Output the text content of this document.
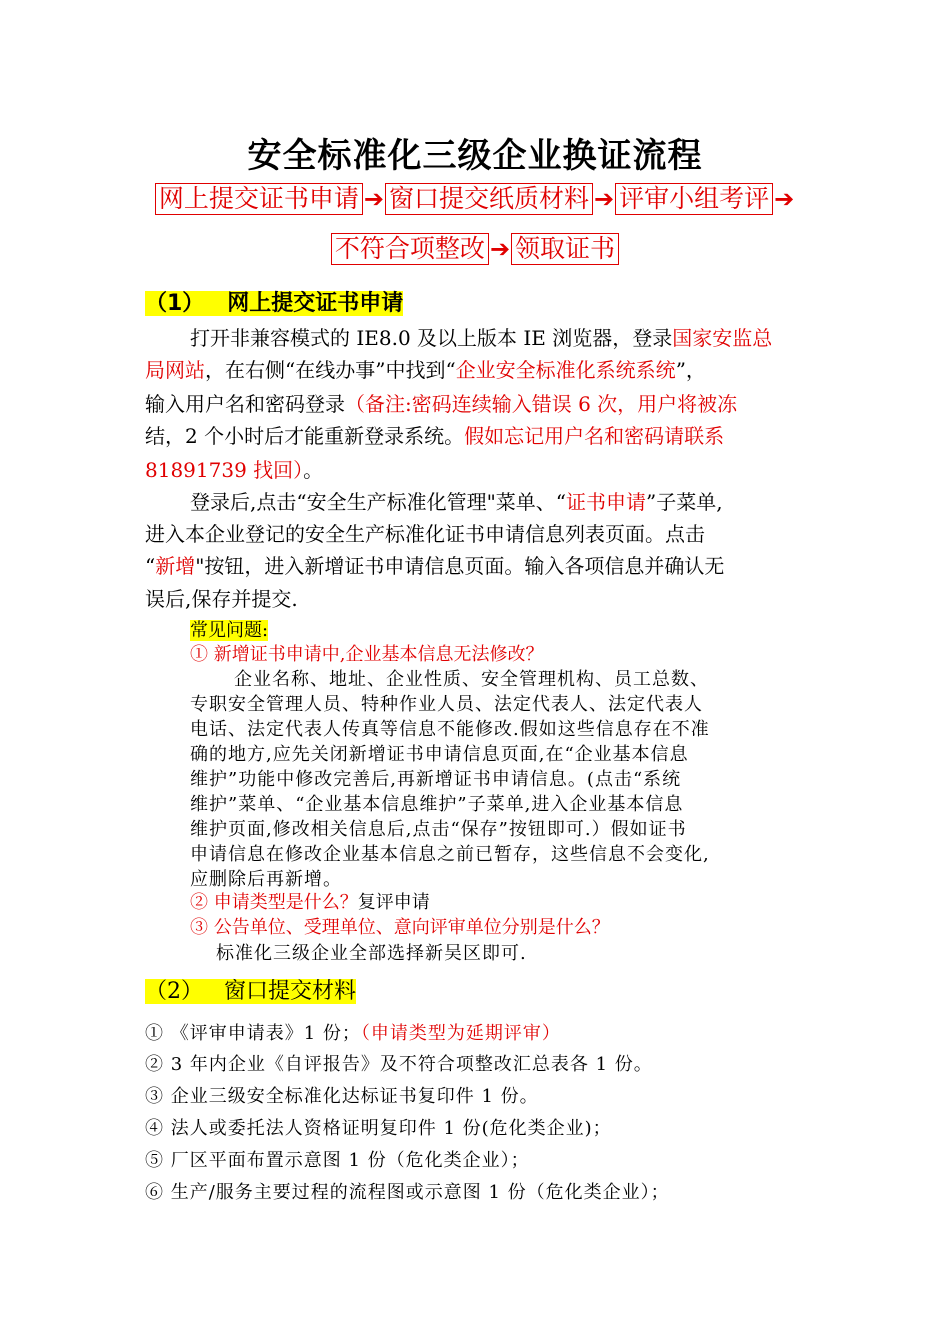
安全标准化三级企业换证流程
网上提交证书申请 ➔ 窗口提交纸质材料 ➔ 评审小组考评 ➔
不符合项整改 ➔ 领取证书
（1） 网上提交证书申请
打开非兼容模式的 IE8.0 及以上版本 IE 浏览器，登录国家安监总
局网站，在右侧“在线办事”中找到“企业安全标准化系统系统”，
输入用户名和密码登录（备注:密码连续输入错误 6 次，用户将被冻
结，2 个小时后才能重新登录系统。假如忘记用户名和密码请联系
81891739 找回）。
登录后,点击“安全生产标准化管理"菜单、“证书申请”子菜单,
进入本企业登记的安全生产标准化证书申请信息列表页面。点击
“新增"按钮，进入新增证书申请信息页面。输入各项信息并确认无
误后,保存并提交.
常见问题:
① 新增证书申请中,企业基本信息无法修改？
企业名称、地址、企业性质、安全管理机构、员工总数、
专职安全管理人员、特种作业人员、法定代表人、法定代表人
电话、法定代表人传真等信息不能修改.假如这些信息存在不准
确的地方,应先关闭新增证书申请信息页面,在“企业基本信息
维护”功能中修改完善后,再新增证书申请信息。(点击“系统
维护”菜单、“企业基本信息维护”子菜单,进入企业基本信息
维护页面,修改相关信息后,点击“保存”按钮即可.）假如证书
申请信息在修改企业基本信息之前已暂存，这些信息不会变化,
应删除后再新增。
② 申请类型是什么？复评申请
③ 公告单位、受理单位、意向评审单位分别是什么？
标准化三级企业全部选择新吴区即可.
（2） 窗口提交材料
① 《评审申请表》1 份；（申请类型为延期评审）
② 3 年内企业《自评报告》及不符合项整改汇总表各 1 份。
③ 企业三级安全标准化达标证书复印件 1 份。
④ 法人或委托法人资格证明复印件 1 份(危化类企业)；
⑤ 厂区平面布置示意图 1 份（危化类企业）；
⑥ 生产/服务主要过程的流程图或示意图 1 份（危化类企业）；
